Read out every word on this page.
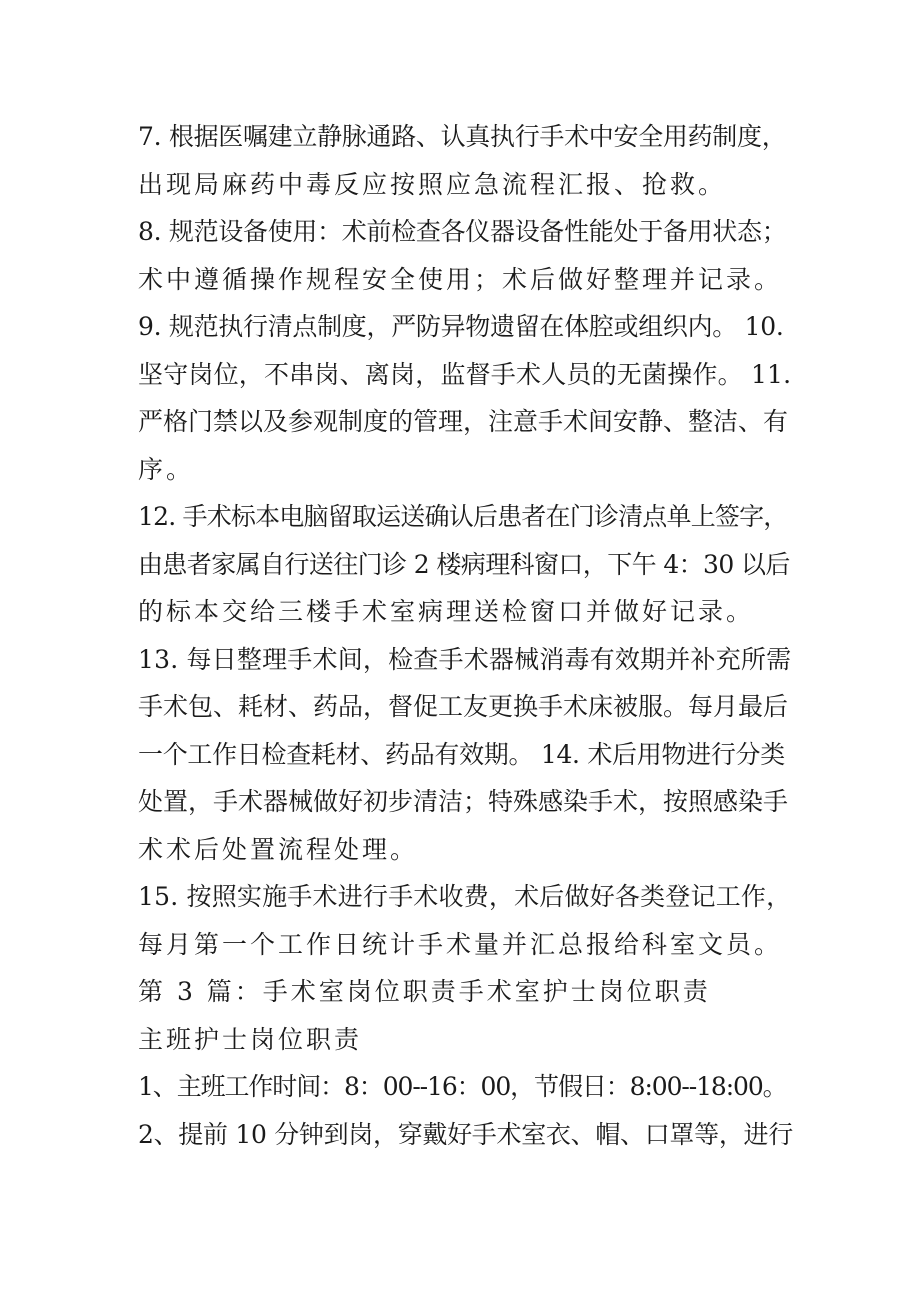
7. 根据医嘱建立静脉通路、认真执行手术中安全用药制度，
出现局麻药中毒反应按照应急流程汇报、抢救。
8. 规范设备使用：术前检查各仪器设备性能处于备用状态；
术中遵循操作规程安全使用；术后做好整理并记录。
9. 规范执行清点制度，严防异物遗留在体腔或组织内。 10.
坚守岗位，不串岗、离岗，监督手术人员的无菌操作。 11.
严格门禁以及参观制度的管理，注意手术间安静、整洁、有
序。
12. 手术标本电脑留取运送确认后患者在门诊清点单上签字，
由患者家属自行送往门诊 2 楼病理科窗口，下午 4：30 以后
的标本交给三楼手术室病理送检窗口并做好记录。
13. 每日整理手术间，检查手术器械消毒有效期并补充所需
手术包、耗材、药品，督促工友更换手术床被服。每月最后
一个工作日检查耗材、药品有效期。 14. 术后用物进行分类
处置，手术器械做好初步清洁；特殊感染手术，按照感染手
术术后处置流程处理。
15. 按照实施手术进行手术收费，术后做好各类登记工作，
每月第一个工作日统计手术量并汇总报给科室文员。
第 3 篇：手术室岗位职责手术室护士岗位职责
主班护士岗位职责
1、主班工作时间：8：00--16：00，节假日：8:00--18:00。
2、提前 10 分钟到岗，穿戴好手术室衣、帽、口罩等，进行
